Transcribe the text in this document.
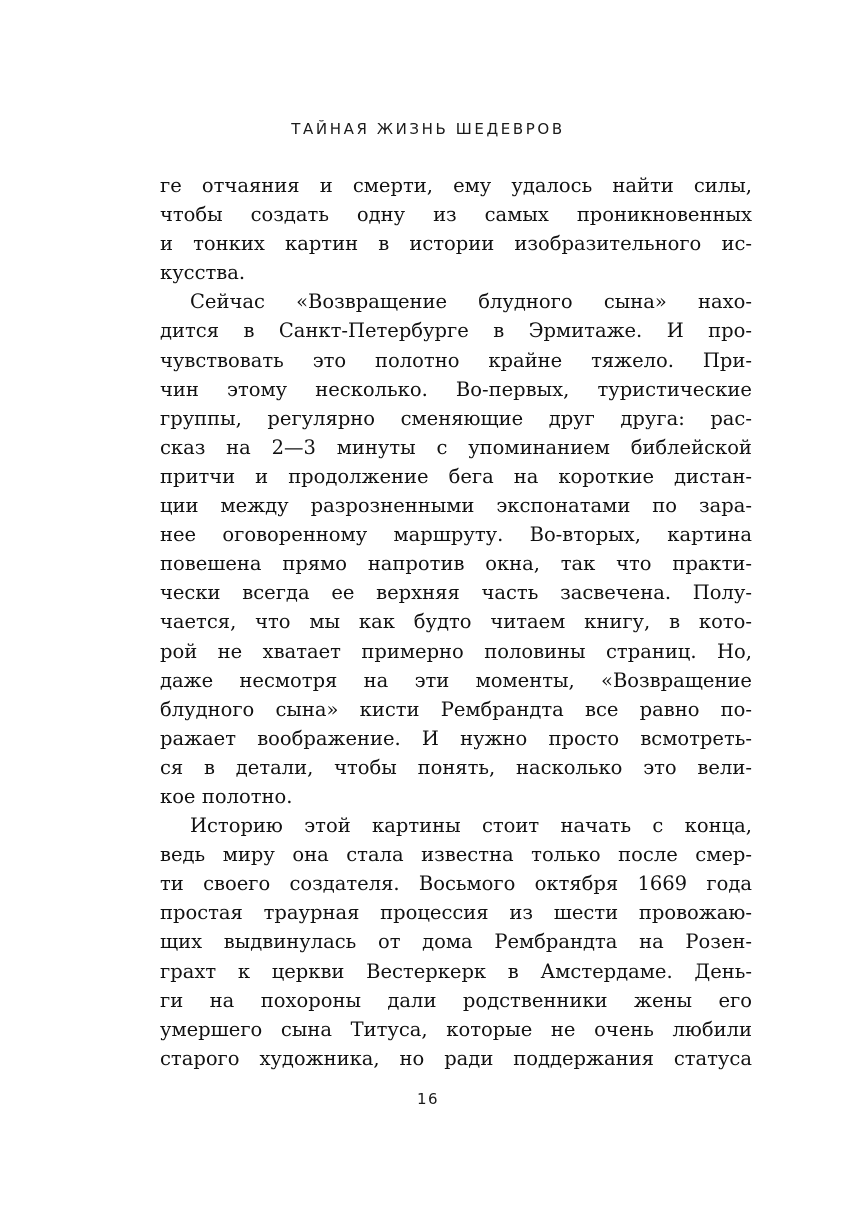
ТАЙНАЯ ЖИЗНЬ ШЕДЕВРОВ
ге отчаяния и смерти, ему удалось найти силы,
чтобы создать одну из самых проникновенных
и тонких картин в истории изобразительного ис-
кусства.
Сейчас «Возвращение блудного сына» нахо-
дится в Санкт-Петербурге в Эрмитаже. И про-
чувствовать это полотно крайне тяжело. При-
чин этому несколько. Во-первых, туристические
группы, регулярно сменяющие друг друга: рас-
сказ на 2—3 минуты с упоминанием библейской
притчи и продолжение бега на короткие дистан-
ции между разрозненными экспонатами по зара-
нее оговоренному маршруту. Во-вторых, картина
повешена прямо напротив окна, так что практи-
чески всегда ее верхняя часть засвечена. Полу-
чается, что мы как будто читаем книгу, в кото-
рой не хватает примерно половины страниц. Но,
даже несмотря на эти моменты, «Возвращение
блудного сына» кисти Рембрандта все равно по-
ражает воображение. И нужно просто всмотреть-
ся в детали, чтобы понять, насколько это вели-
кое полотно.
Историю этой картины стоит начать с конца,
ведь миру она стала известна только после смер-
ти своего создателя. Восьмого октября 1669 года
простая траурная процессия из шести провожаю-
щих выдвинулась от дома Рембрандта на Розен-
грахт к церкви Вестеркерк в Амстердаме. День-
ги на похороны дали родственники жены его
умершего сына Титуса, которые не очень любили
старого художника, но ради поддержания статуса
16
